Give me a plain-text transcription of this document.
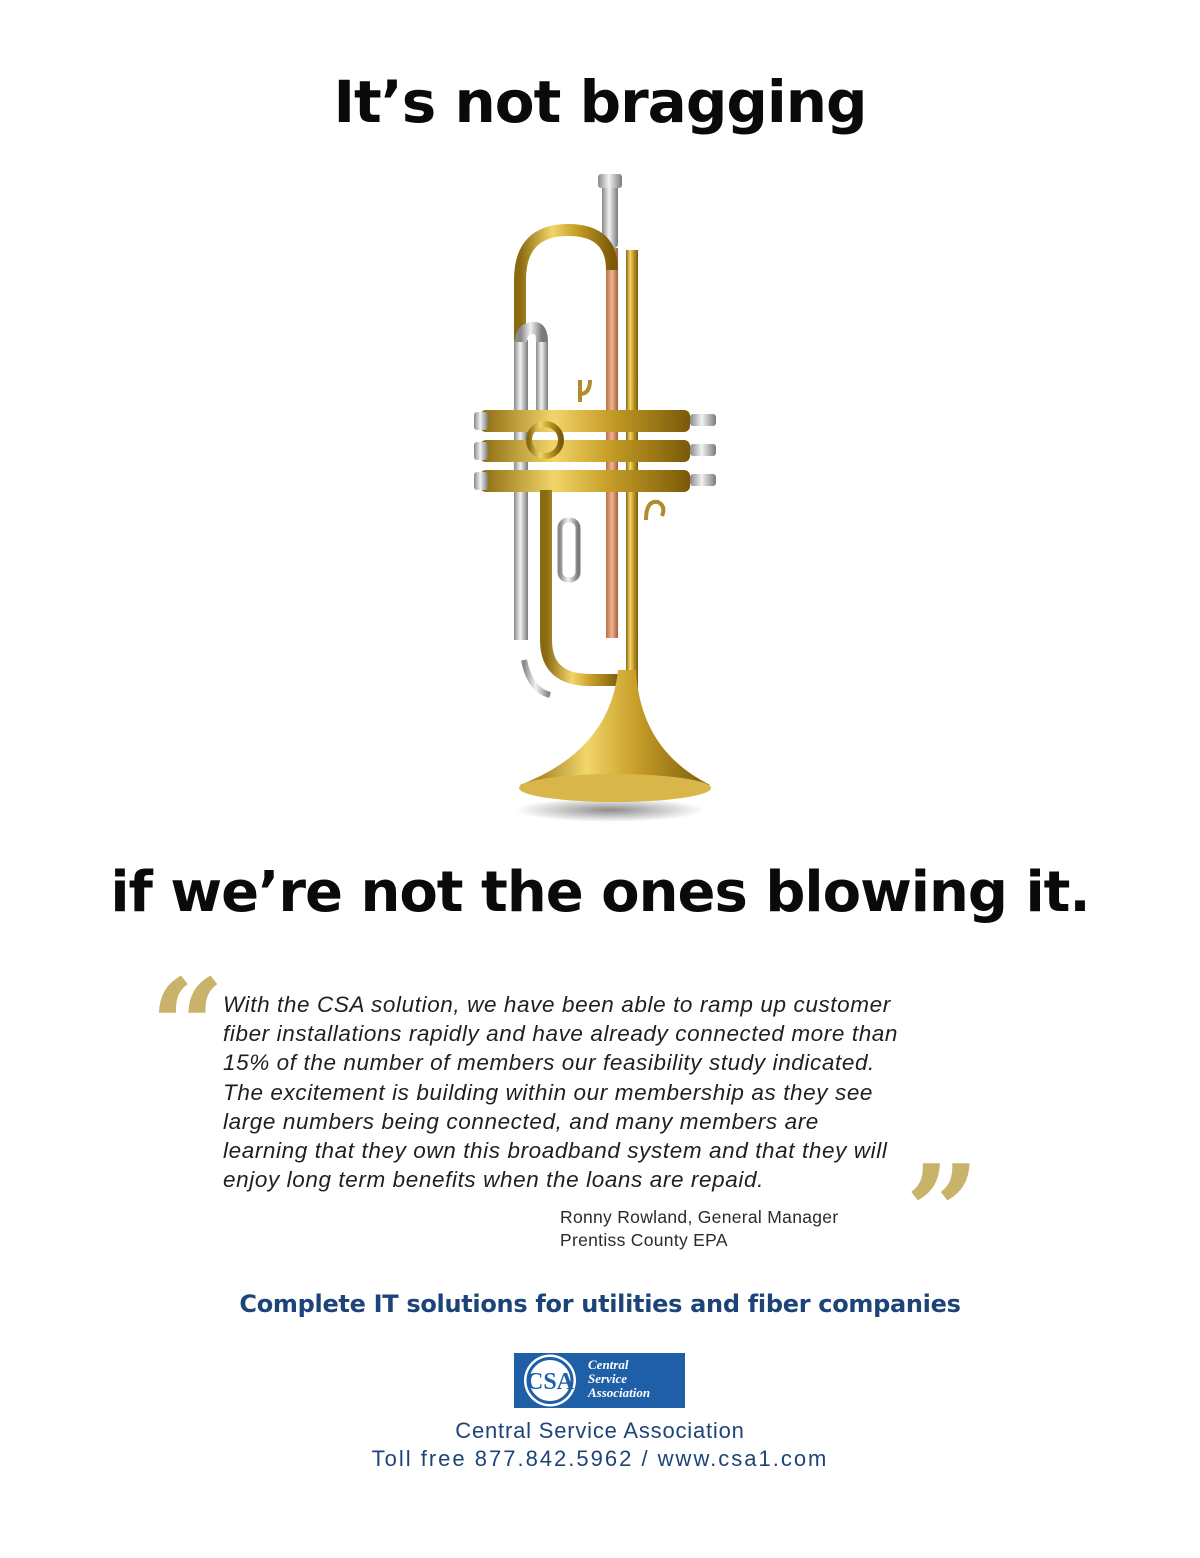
It’s not bragging
if we’re not the ones blowing it.
“

With the CSA solution, we have been able to ramp up customer
fiber installations rapidly and have already connected more than
15% of the number of members our feasibility study indicated.
The excitement is building within our membership as they see
large numbers being connected, and many members are
learning that they own this broadband system and that they will
enjoy long term benefits when the loans are repaid.	”
Ronny Rowland, General Manager
Prentiss County EPA
Complete IT solutions for utilities and fiber companies
CSA
Central
Service
Association
Central Service Association
Toll free 877.842.5962 / www.csa1.com
